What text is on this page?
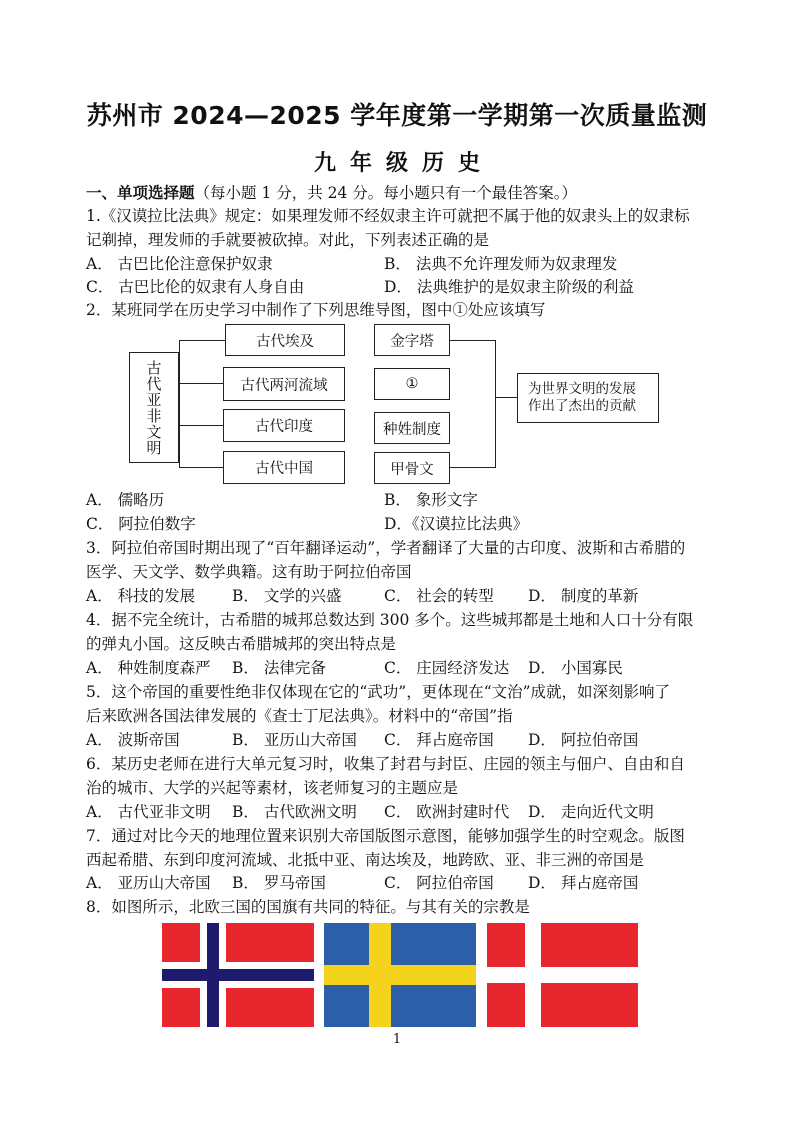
苏州市 2024—2025 学年度第一学期第一次质量监测
九年级历史
一、单项选择题（每小题 1 分，共 24 分。每小题只有一个最佳答案。）
1.《汉谟拉比法典》规定：如果理发师不经奴隶主许可就把不属于他的奴隶头上的奴隶标
记剃掉，理发师的手就要被砍掉。对此，下列表述正确的是
A． 古巴比伦注意保护奴隶	B． 法典不允许理发师为奴隶理发
C． 古巴比伦的奴隶有人身自由	D． 法典维护的是奴隶主阶级的利益
2．某班同学在历史学习中制作了下列思维导图，图中①处应该填写
古代亚非文明
古代埃及
古代两河流域
古代印度
古代中国
金字塔
①
种姓制度
甲骨文
为世界文明的发展作出了杰出的贡献
A． 儒略历	B． 象形文字
C． 阿拉伯数字	D．《汉谟拉比法典》
3．阿拉伯帝国时期出现了“百年翻译运动”，学者翻译了大量的古印度、波斯和古希腊的
医学、天文学、数学典籍。这有助于阿拉伯帝国
A． 科技的发展 B． 文学的兴盛	C． 社会的转型 D． 制度的革新
4．据不完全统计，古希腊的城邦总数达到 300 多个。这些城邦都是土地和人口十分有限
的弹丸小国。这反映古希腊城邦的突出特点是
A． 种姓制度森严 B． 法律完备	C． 庄园经济发达 D． 小国寡民
5．这个帝国的重要性绝非仅体现在它的“武功”，更体现在“文治”成就，如深刻影响了
后来欧洲各国法律发展的《查士丁尼法典》。材料中的“帝国”指
A． 波斯帝国	B． 亚历山大帝国 C． 拜占庭帝国 D． 阿拉伯帝国
6．某历史老师在进行大单元复习时，收集了封君与封臣、庄园的领主与佃户、自由和自
治的城市、大学的兴起等素材，该老师复习的主题应是
A． 古代亚非文明 B． 古代欧洲文明 C． 欧洲封建时代 D． 走向近代文明
7．通过对比今天的地理位置来识别大帝国版图示意图，能够加强学生的时空观念。版图
西起希腊、东到印度河流域、北抵中亚、南达埃及，地跨欧、亚、非三洲的帝国是
A． 亚历山大帝国 B． 罗马帝国	C． 阿拉伯帝国 D． 拜占庭帝国
8．如图所示，北欧三国的国旗有共同的特征。与其有关的宗教是
1
